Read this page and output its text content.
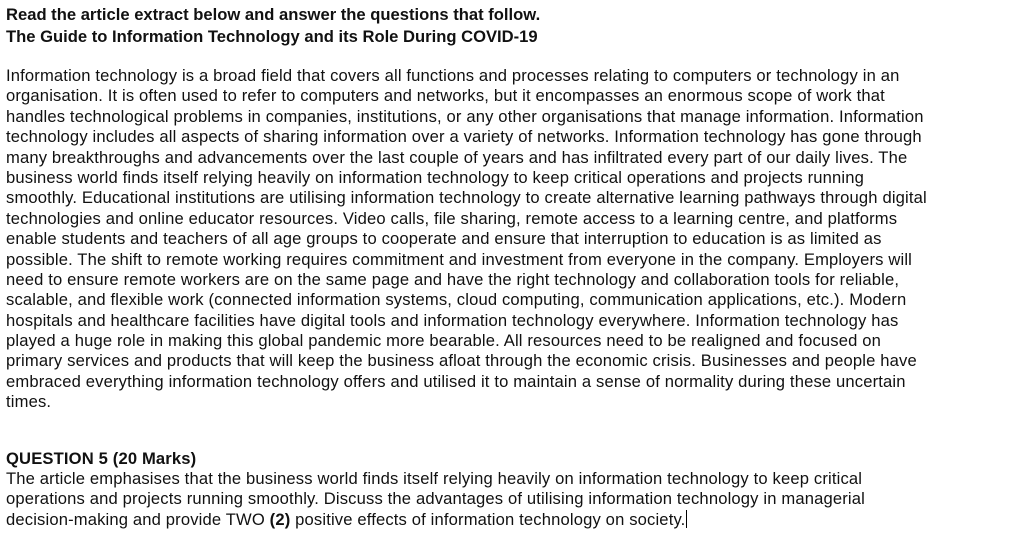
Read the article extract below and answer the questions that follow.
The Guide to Information Technology and its Role During COVID-19
Information technology is a broad field that covers all functions and processes relating to computers or technology in an
organisation. It is often used to refer to computers and networks, but it encompasses an enormous scope of work that
handles technological problems in companies, institutions, or any other organisations that manage information. Information
technology includes all aspects of sharing information over a variety of networks. Information technology has gone through
many breakthroughs and advancements over the last couple of years and has infiltrated every part of our daily lives. The
business world finds itself relying heavily on information technology to keep critical operations and projects running
smoothly. Educational institutions are utilising information technology to create alternative learning pathways through digital
technologies and online educator resources. Video calls, file sharing, remote access to a learning centre, and platforms
enable students and teachers of all age groups to cooperate and ensure that interruption to education is as limited as
possible. The shift to remote working requires commitment and investment from everyone in the company. Employers will
need to ensure remote workers are on the same page and have the right technology and collaboration tools for reliable,
scalable, and flexible work (connected information systems, cloud computing, communication applications, etc.). Modern
hospitals and healthcare facilities have digital tools and information technology everywhere. Information technology has
played a huge role in making this global pandemic more bearable. All resources need to be realigned and focused on
primary services and products that will keep the business afloat through the economic crisis. Businesses and people have
embraced everything information technology offers and utilised it to maintain a sense of normality during these uncertain
times.
QUESTION 5 (20 Marks)
The article emphasises that the business world finds itself relying heavily on information technology to keep critical
operations and projects running smoothly. Discuss the advantages of utilising information technology in managerial
decision-making and provide TWO (2) positive effects of information technology on society.
